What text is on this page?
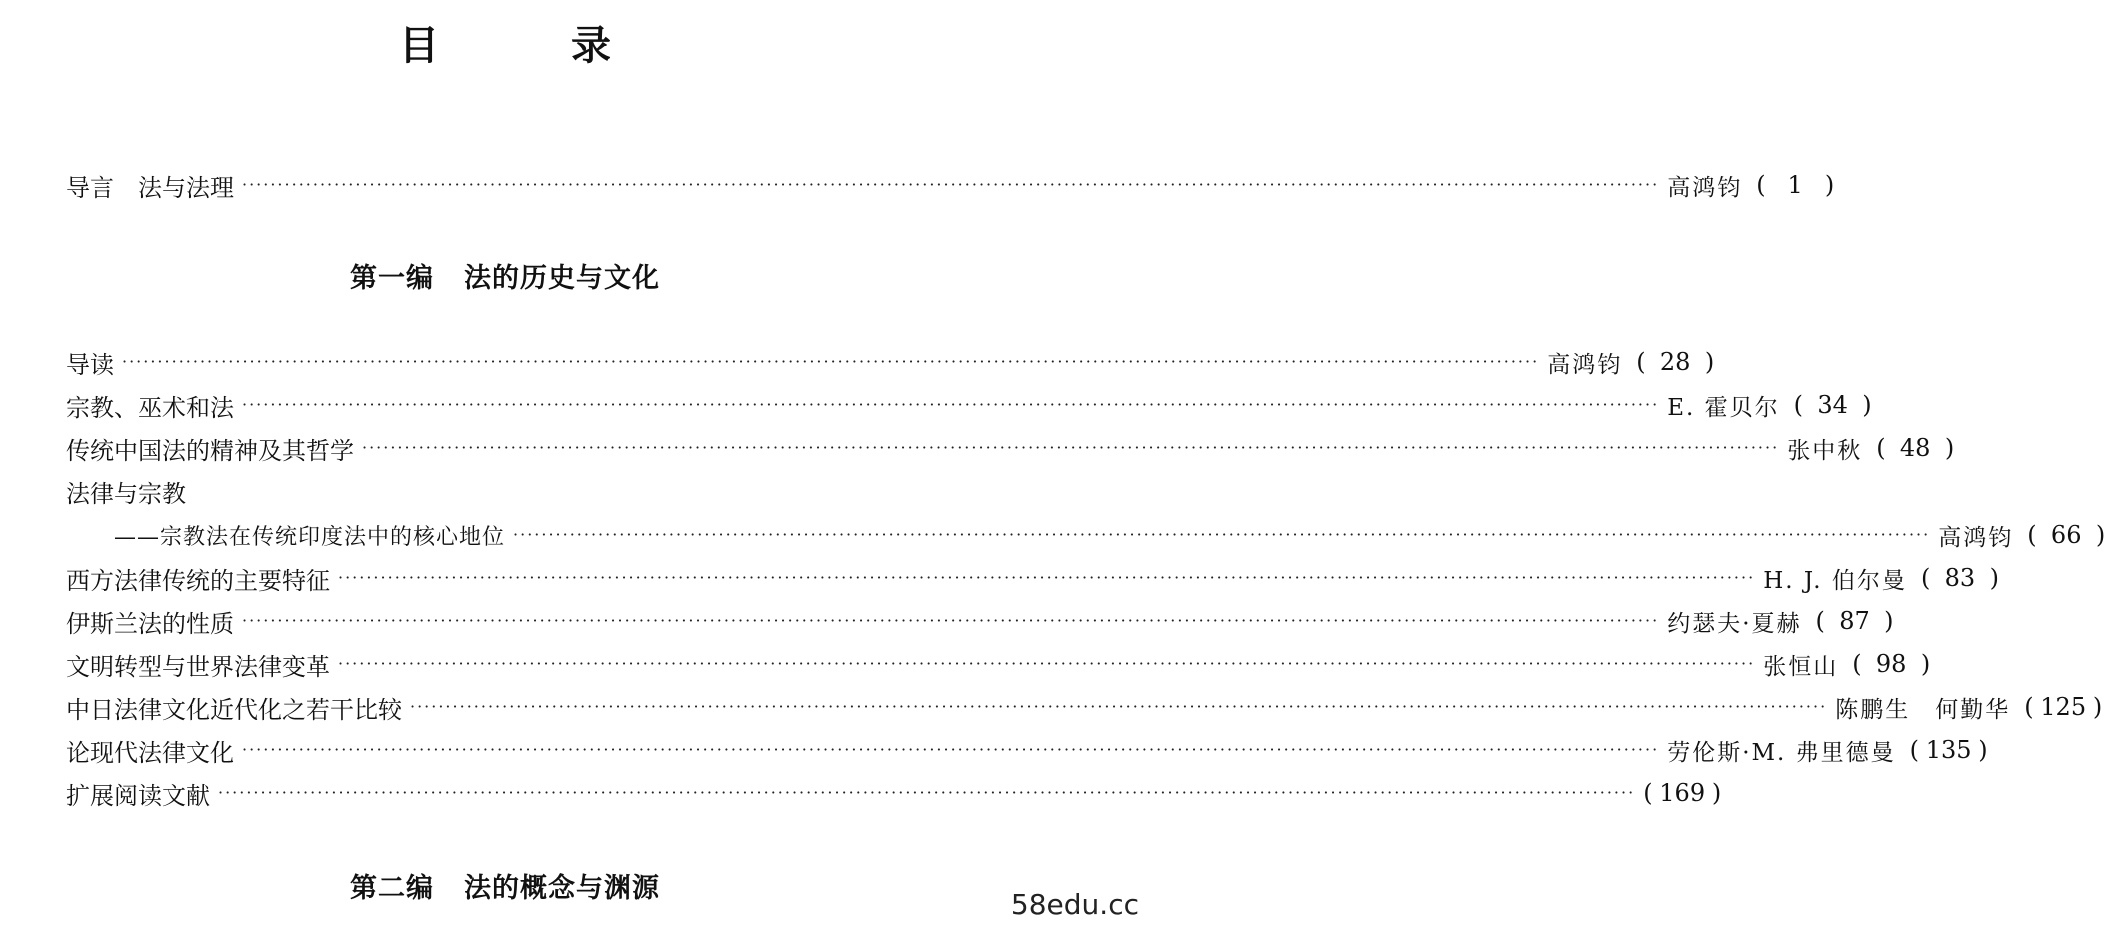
目　录
导言　法与法理 ········································································································································································································ 高鸿钧 ( 1 )
第一编 法的历史与文化
导读 ········································································································································································································ 高鸿钧 ( 28 )
宗教、巫术和法 ········································································································································································································ E. 霍贝尔 ( 34 )
传统中国法的精神及其哲学 ········································································································································································································ 张中秋 ( 48 )
法律与宗教
——宗教法在传统印度法中的核心地位 ········································································································································································································ 高鸿钧 ( 66 )
西方法律传统的主要特征 ········································································································································································································ H. J. 伯尔曼 ( 83 )
伊斯兰法的性质 ········································································································································································································ 约瑟夫·夏赫 ( 87 )
文明转型与世界法律变革 ········································································································································································································ 张恒山 ( 98 )
中日法律文化近代化之若干比较 ········································································································································································································ 陈鹏生　何勤华 ( 125 )
论现代法律文化 ········································································································································································································ 劳伦斯·M. 弗里德曼 ( 135 )
扩展阅读文献 ········································································································································································································ ( 169 )
第二编 法的概念与渊源	58edu.cc
